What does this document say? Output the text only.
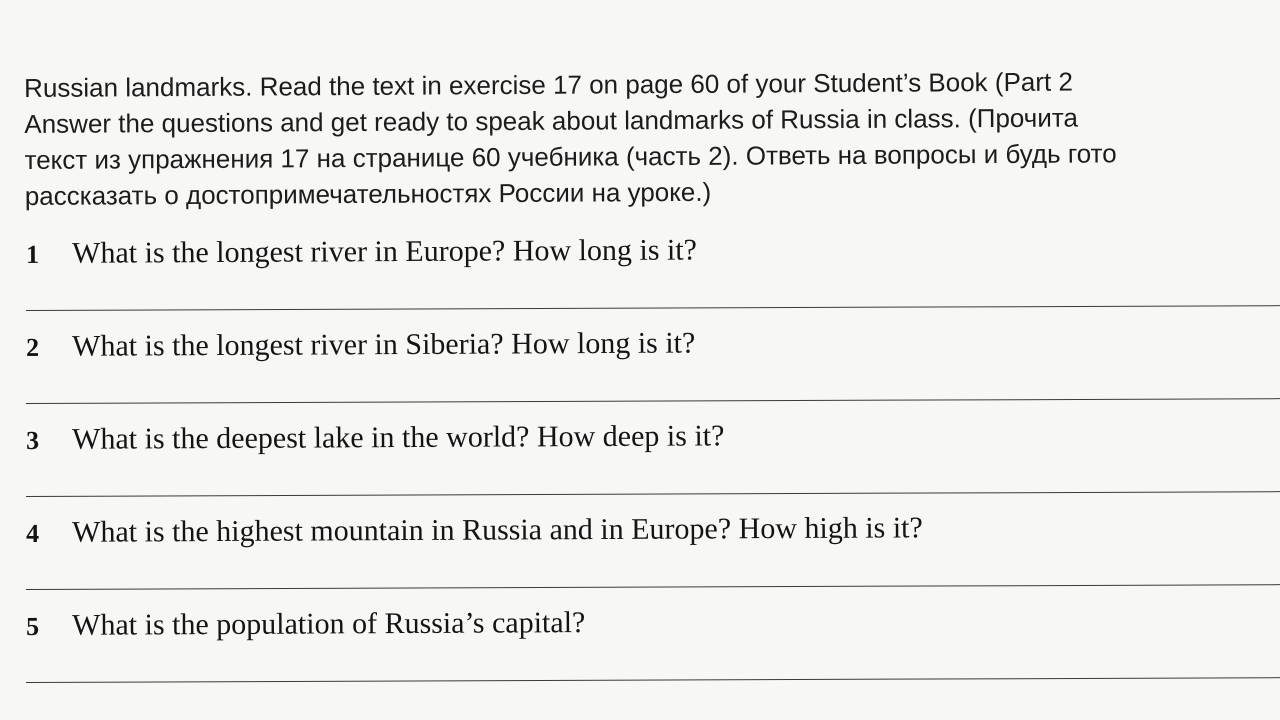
Russian landmarks. Read the text in exercise 17 on page 60 of your Student’s Book (Part 2
Answer the questions and get ready to speak about landmarks of Russia in class. (Прочита
текст из упражнения 17 на странице 60 учебника (часть 2). Ответь на вопросы и будь гото
рассказать о достопримечательностях России на уроке.)
1 What is the longest river in Europe? How long is it?
2 What is the longest river in Siberia? How long is it?
3 What is the deepest lake in the world? How deep is it?
4 What is the highest mountain in Russia and in Europe? How high is it?
5 What is the population of Russia’s capital?
